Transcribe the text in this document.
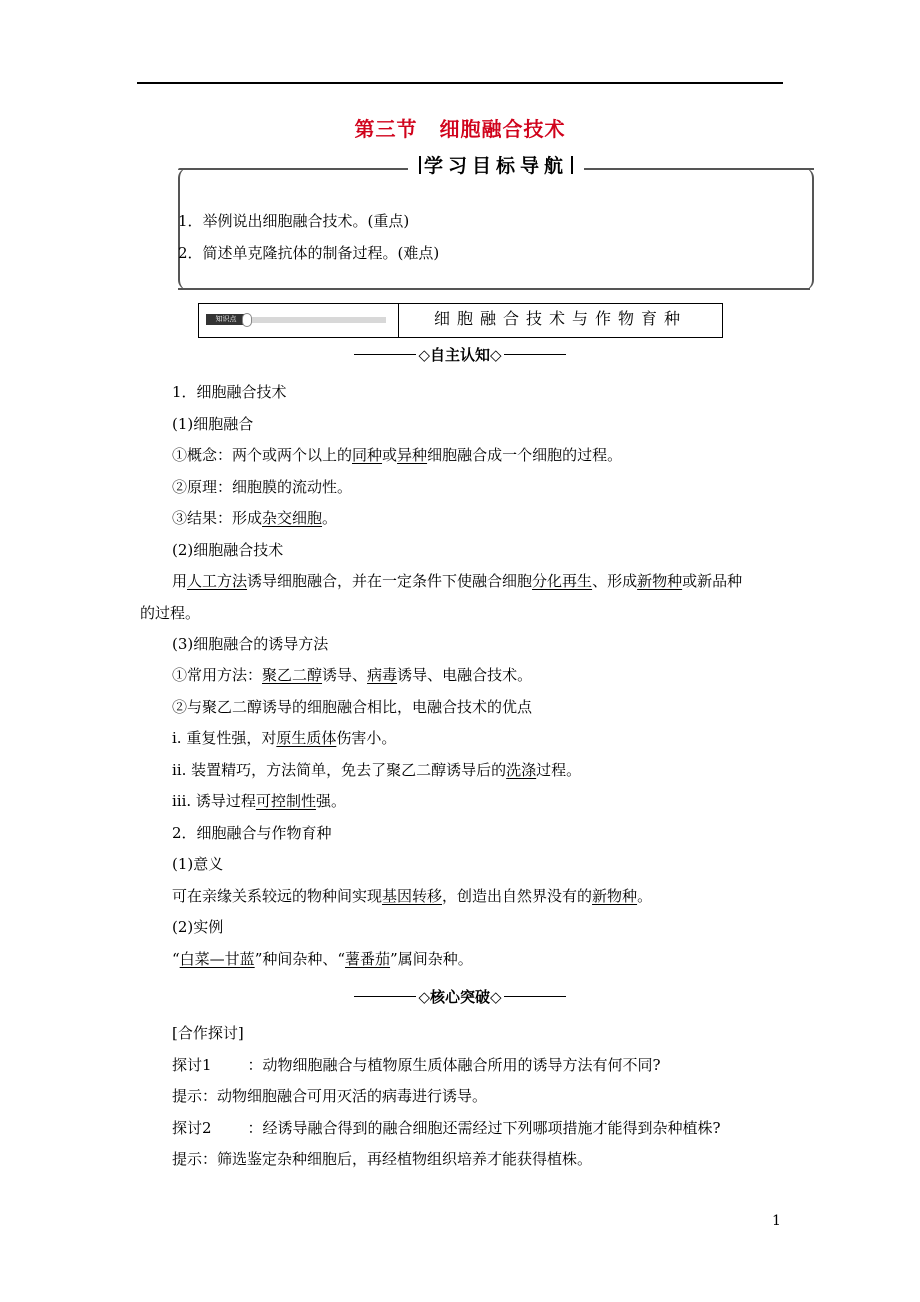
第三节 细胞融合技术
1．举例说出细胞融合技术。(重点)
2．简述单克隆抗体的制备过程。(难点)
学习目标导航
知识点	细胞融合技术与作物育种
◇自主认知◇
1．细胞融合技术
(1)细胞融合
①概念：两个或两个以上的同种或异种细胞融合成一个细胞的过程。
②原理：细胞膜的流动性。
③结果：形成杂交细胞。
(2)细胞融合技术
用人工方法诱导细胞融合，并在一定条件下使融合细胞分化再生、形成新物种或新品种
的过程。
(3)细胞融合的诱导方法
①常用方法：聚乙二醇诱导、病毒诱导、电融合技术。
②与聚乙二醇诱导的细胞融合相比，电融合技术的优点
ⅰ. 重复性强，对原生质体伤害小。
ⅱ. 装置精巧，方法简单，免去了聚乙二醇诱导后的洗涤过程。
ⅲ. 诱导过程可控制性强。
2．细胞融合与作物育种
(1)意义
可在亲缘关系较远的物种间实现基因转移，创造出自然界没有的新物种。
(2)实例
“白菜—甘蓝”种间杂种、“薯番茄”属间杂种。
◇核心突破◇
[合作探讨]
探讨1 ：动物细胞融合与植物原生质体融合所用的诱导方法有何不同?
提示：动物细胞融合可用灭活的病毒进行诱导。
探讨2 ：经诱导融合得到的融合细胞还需经过下列哪项措施才能得到杂种植株?
提示：筛选鉴定杂种细胞后，再经植物组织培养才能获得植株。
1
